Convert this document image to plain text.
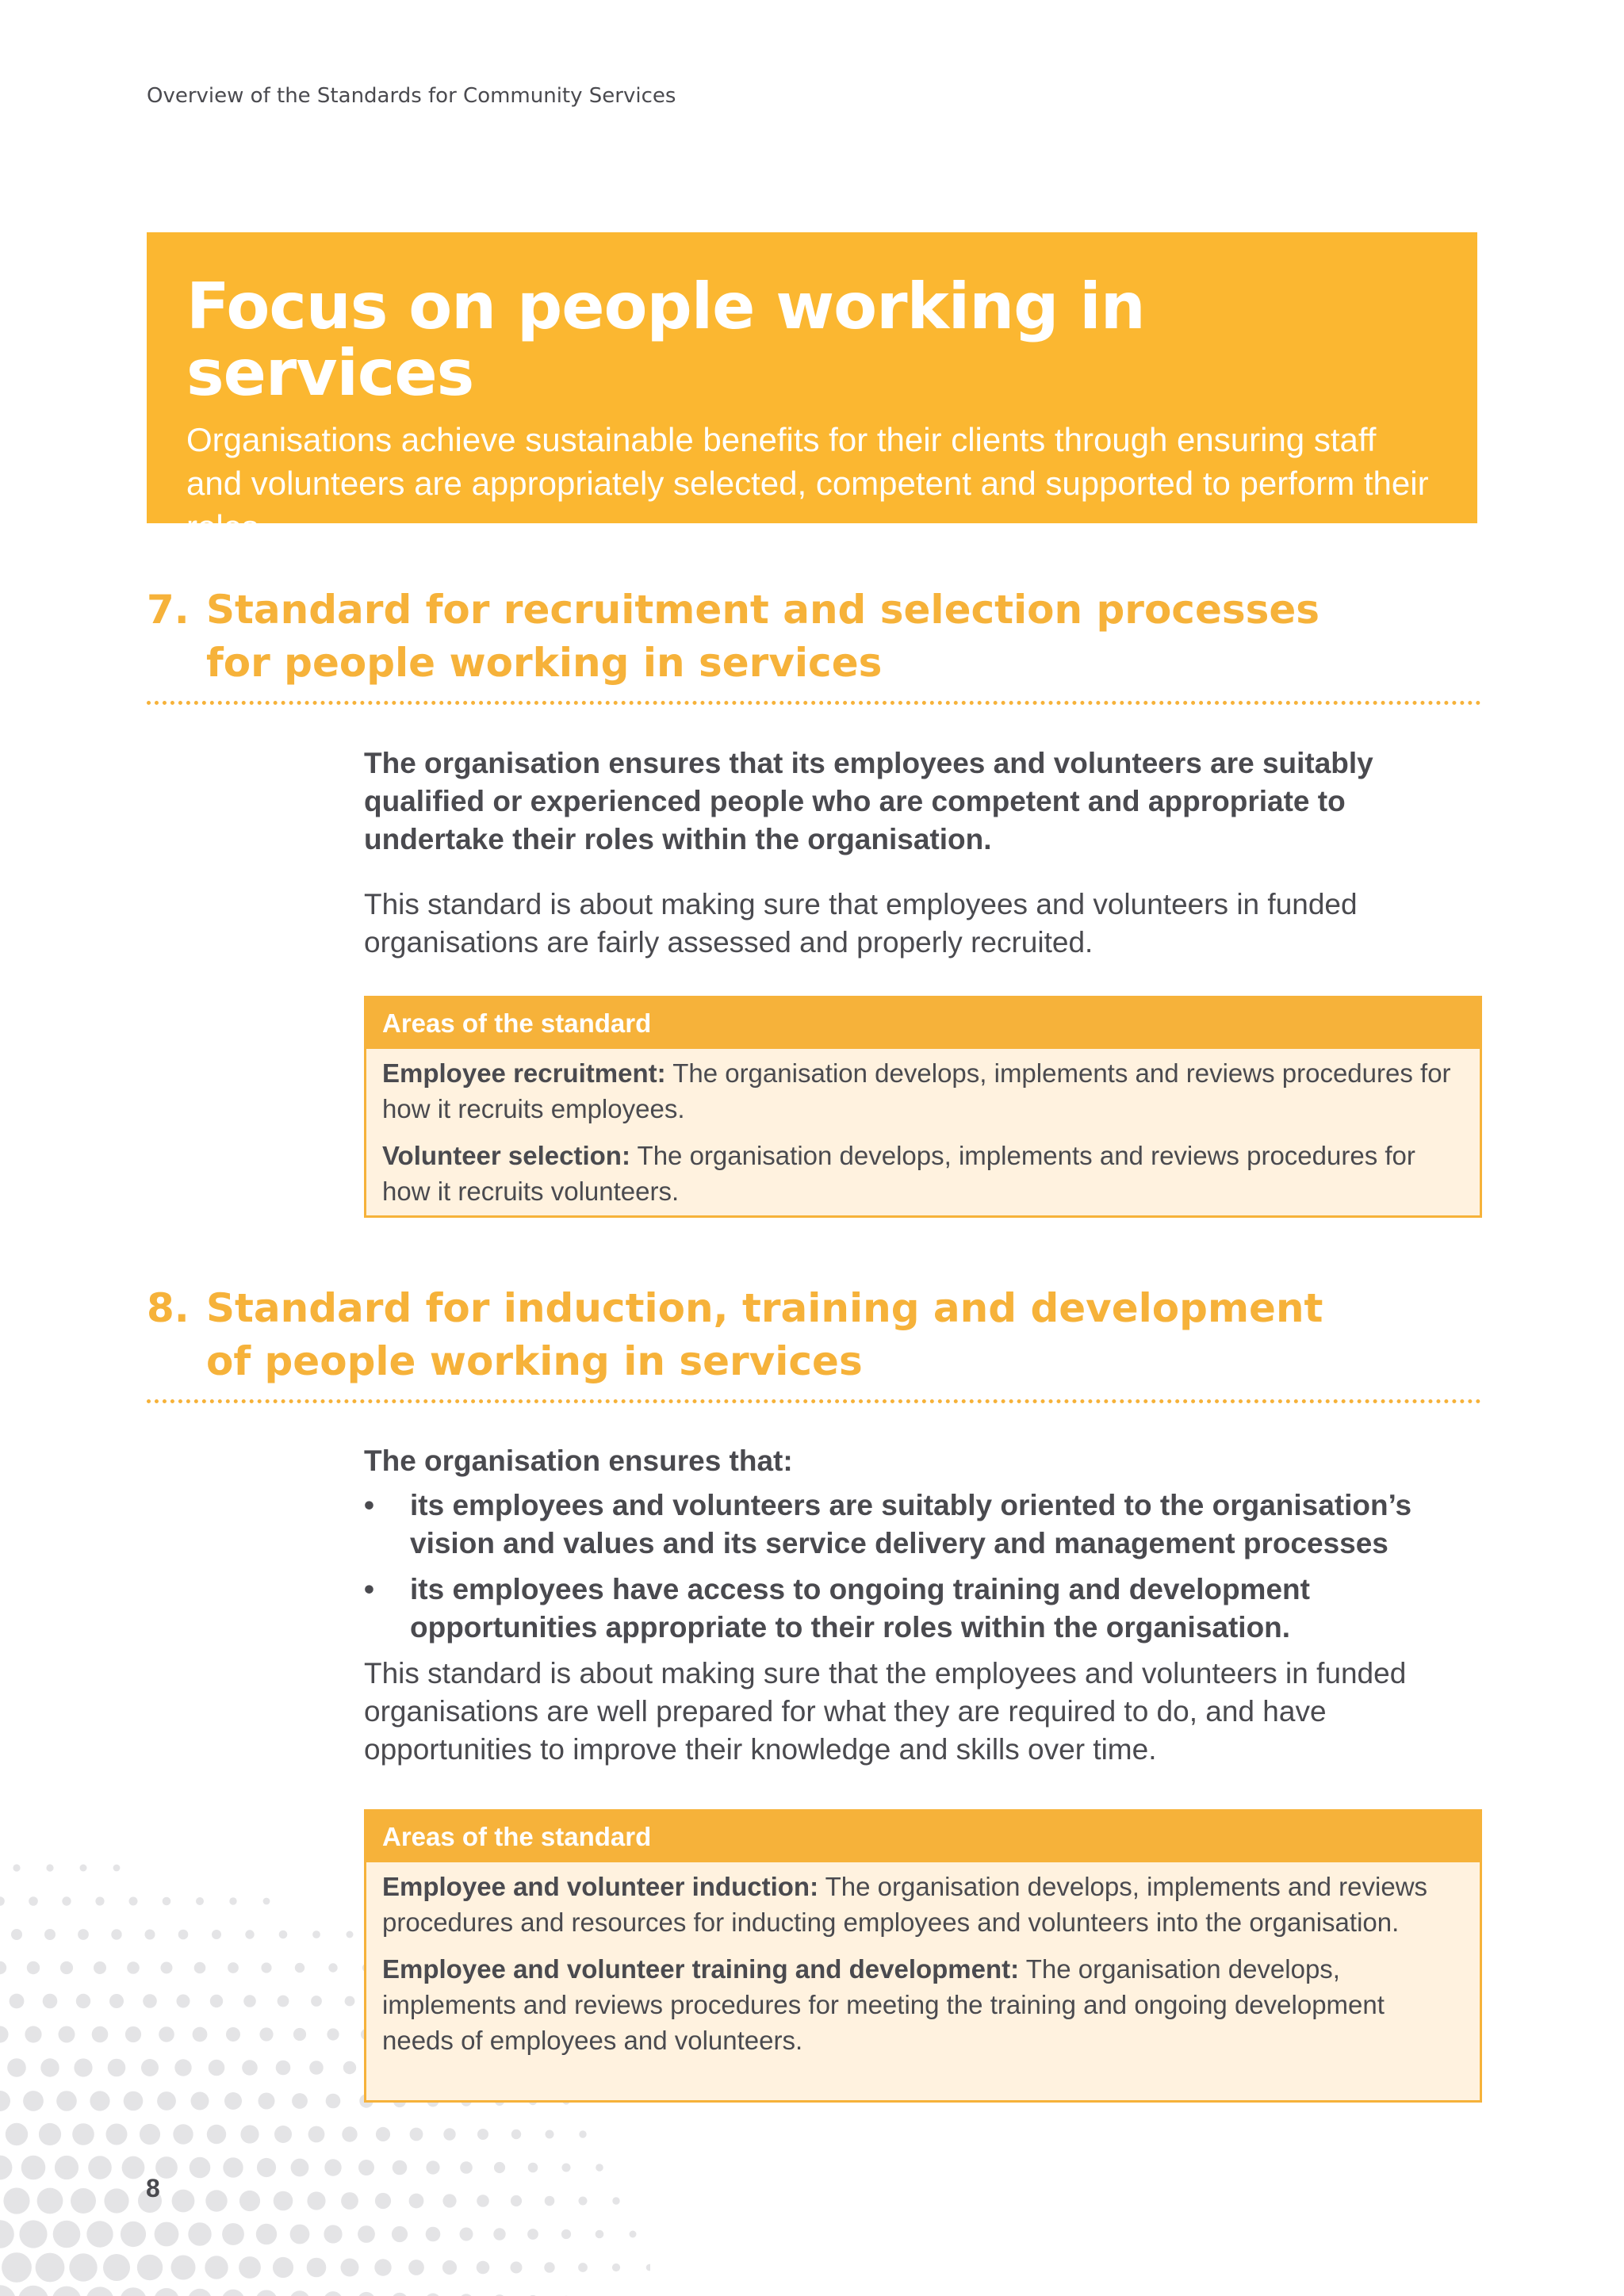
Overview of the Standards for Community Services
Focus on people working in services

Organisations achieve sustainable benefits for their clients through ensuring staff and volunteers are appropriately selected, competent and supported to perform their roles.

7. Standard for recruitment and selection processes
for people working in services

The organisation ensures that its employees and volunteers are suitably qualified or experienced people who are competent and appropriate to undertake their roles within the organisation.

This standard is about making sure that employees and volunteers in funded organisations are fairly assessed and properly recruited.

Areas of the standard

Employee recruitment: The organisation develops, implements and reviews procedures for how it recruits employees.

Volunteer selection: The organisation develops, implements and reviews procedures for how it recruits volunteers.

8. Standard for induction, training and development
of people working in services

The organisation ensures that:

• its employees and volunteers are suitably oriented to the organisation’s vision and values and its service delivery and management processes
• its employees have access to ongoing training and development opportunities appropriate to their roles within the organisation.

This standard is about making sure that the employees and volunteers in funded organisations are well prepared for what they are required to do, and have opportunities to improve their knowledge and skills over time.

Areas of the standard

Employee and volunteer induction: The organisation develops, implements and reviews procedures and resources for inducting employees and volunteers into the organisation.

Employee and volunteer training and development: The organisation develops, implements and reviews procedures for meeting the training and ongoing development needs of employees and volunteers.

8
